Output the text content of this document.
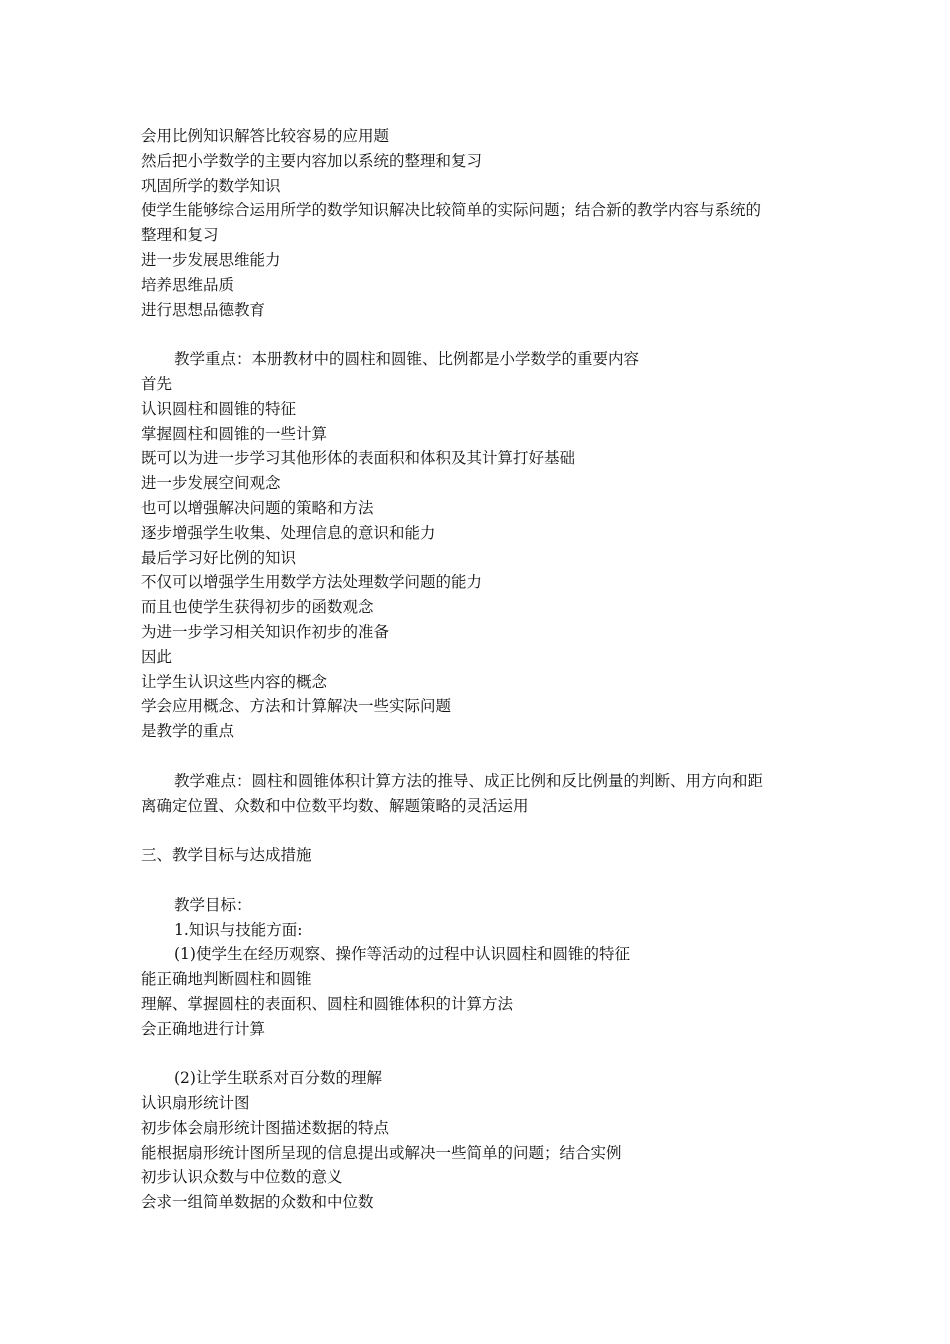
会用比例知识解答比较容易的应用题
然后把小学数学的主要内容加以系统的整理和复习
巩固所学的数学知识
使学生能够综合运用所学的数学知识解决比较简单的实际问题；结合新的教学内容与系统的
整理和复习
进一步发展思维能力
培养思维品质
进行思想品德教育
教学重点：本册教材中的圆柱和圆锥、比例都是小学数学的重要内容
首先
认识圆柱和圆锥的特征
掌握圆柱和圆锥的一些计算
既可以为进一步学习其他形体的表面积和体积及其计算打好基础
进一步发展空间观念
也可以增强解决问题的策略和方法
逐步增强学生收集、处理信息的意识和能力
最后学习好比例的知识
不仅可以增强学生用数学方法处理数学问题的能力
而且也使学生获得初步的函数观念
为进一步学习相关知识作初步的准备
因此
让学生认识这些内容的概念
学会应用概念、方法和计算解决一些实际问题
是教学的重点
教学难点：圆柱和圆锥体积计算方法的推导、成正比例和反比例量的判断、用方向和距
离确定位置、众数和中位数平均数、解题策略的灵活运用
三、教学目标与达成措施
教学目标：
1.知识与技能方面:
(1)使学生在经历观察、操作等活动的过程中认识圆柱和圆锥的特征
能正确地判断圆柱和圆锥
理解、掌握圆柱的表面积、圆柱和圆锥体积的计算方法
会正确地进行计算
(2)让学生联系对百分数的理解
认识扇形统计图
初步体会扇形统计图描述数据的特点
能根据扇形统计图所呈现的信息提出或解决一些简单的问题；结合实例
初步认识众数与中位数的意义
会求一组简单数据的众数和中位数
